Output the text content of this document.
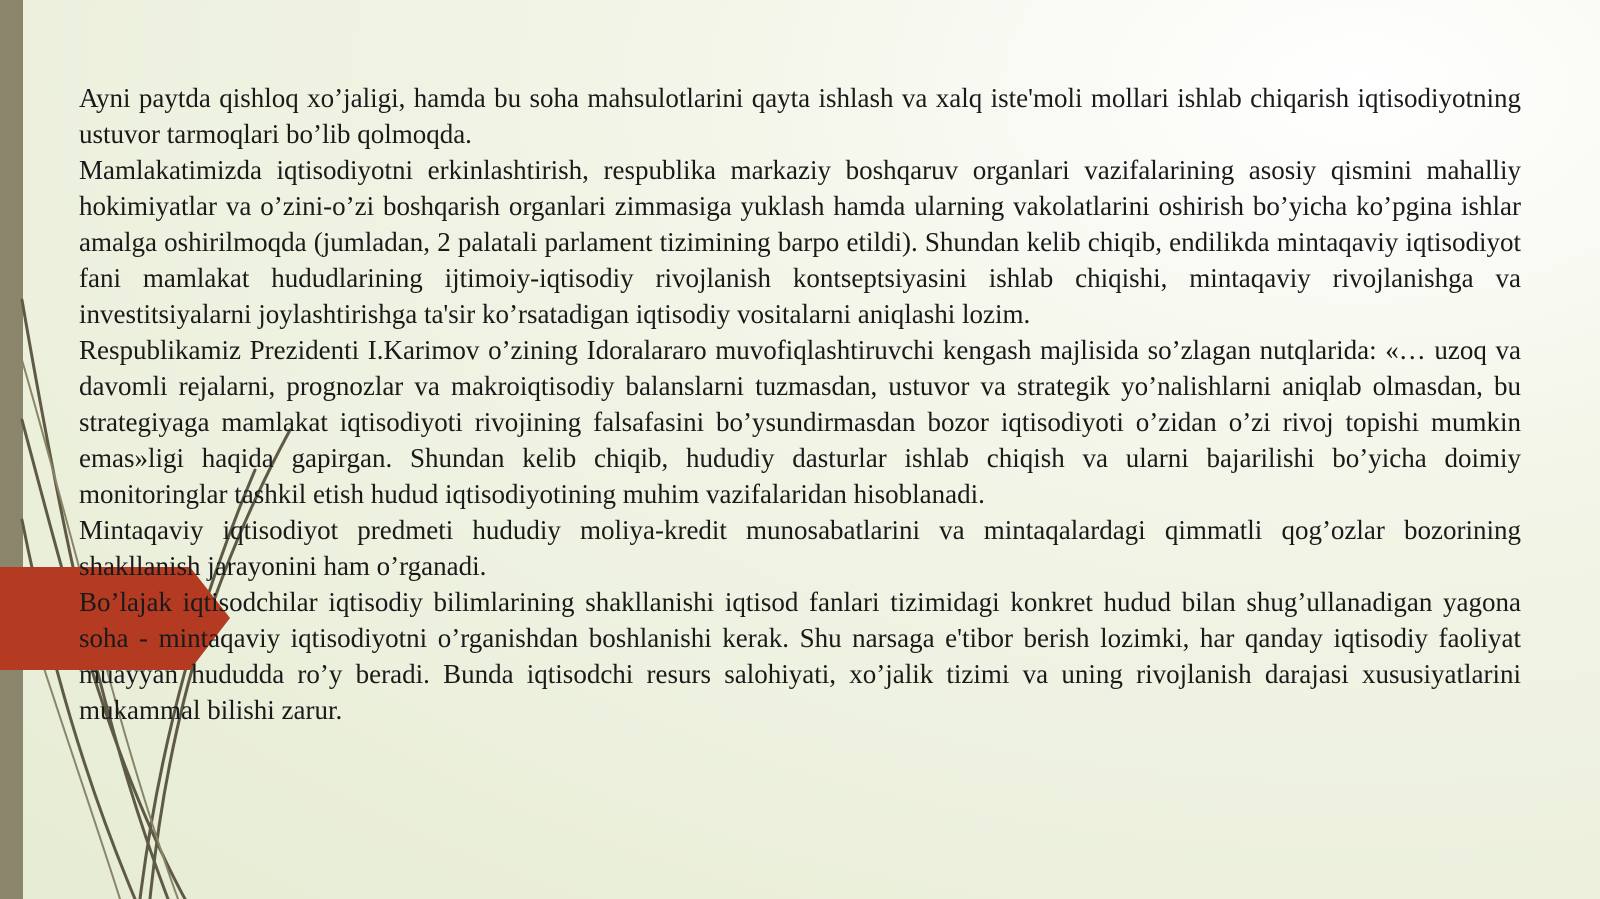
Ayni paytda qishloq xo’jaligi, hamda bu soha mahsulotlarini qayta ishlash va xalq iste'moli mollari ishlab chiqarish iqtisodiyotning ustuvor tarmoqlari bo’lib qolmoqda.

Mamlakatimizda iqtisodiyotni erkinlashtirish, respublika markaziy boshqaruv organlari vazifalarining asosiy qismini mahalliy hokimiyatlar va o’zini-o’zi boshqarish organlari zimmasiga yuklash hamda ularning vakolatlarini oshirish bo’yicha ko’pgina ishlar amalga oshirilmoqda (jumladan, 2 palatali parlament tizimining barpo etildi). Shundan kelib chiqib, endilikda mintaqaviy iqtisodiyot fani mamlakat hududlarining ijtimoiy-iqtisodiy rivojlanish kontseptsiyasini ishlab chiqishi, mintaqaviy rivojlanishga va investitsiyalarni joylashtirishga ta'sir ko’rsatadigan iqtisodiy vositalarni aniqlashi lozim.

Respublikamiz Prezidenti I.Karimov o’zining Idoralararo muvofiqlashtiruvchi kengash majlisida so’zlagan nutqlarida: «… uzoq va davomli rejalarni, prognozlar va makroiqtisodiy balanslarni tuzmasdan, ustuvor va strategik yo’nalishlarni aniqlab olmasdan, bu strategiyaga mamlakat iqtisodiyoti rivojining falsafasini bo’ysundirmasdan bozor iqtisodiyoti o’zidan o’zi rivoj topishi mumkin emas»ligi haqida gapirgan. Shundan kelib chiqib, hududiy dasturlar ishlab chiqish va ularni bajarilishi bo’yicha doimiy monitoringlar tashkil etish hudud iqtisodiyotining muhim vazifalaridan hisoblanadi.

Mintaqaviy iqtisodiyot predmeti hududiy moliya-kredit munosabatlarini va mintaqalardagi qimmatli qog’ozlar bozorining shakllanish jarayonini ham o’rganadi.

Bo’lajak iqtisodchilar iqtisodiy bilimlarining shakllanishi iqtisod fanlari tizimidagi konkret hudud bilan shug’ullanadigan yagona soha - mintaqaviy iqtisodiyotni o’rganishdan boshlanishi kerak. Shu narsaga e'tibor berish lozimki, har qanday iqtisodiy faoliyat muayyan hududda ro’y beradi. Bunda iqtisodchi resurs salohiyati, xo’jalik tizimi va uning rivojlanish darajasi xususiyatlarini mukammal bilishi zarur.
